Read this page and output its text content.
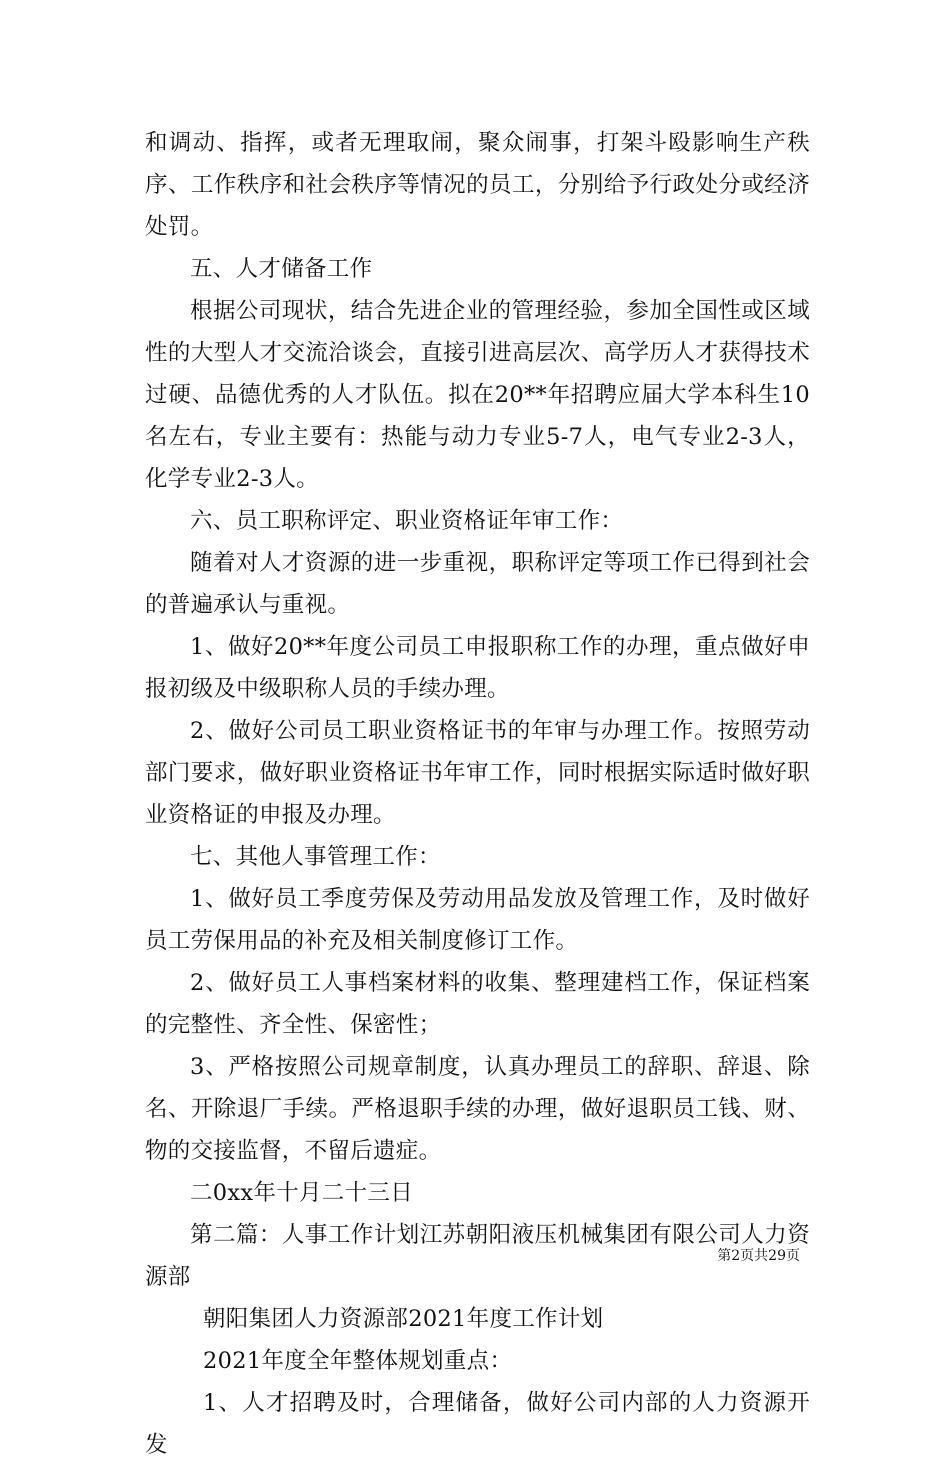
和调动、指挥，或者无理取闹，聚众闹事，打架斗殴影响生产秩序、工作秩序和社会秩序等情况的员工，分别给予行政处分或经济处罚。

五、人才储备工作

根据公司现状，结合先进企业的管理经验，参加全国性或区域性的大型人才交流洽谈会，直接引进高层次、高学历人才获得技术过硬、品德优秀的人才队伍。拟在20**年招聘应届大学本科生10名左右，专业主要有：热能与动力专业5-7人，电气专业2-3人，化学专业2-3人。

六、员工职称评定、职业资格证年审工作：

随着对人才资源的进一步重视，职称评定等项工作已得到社会的普遍承认与重视。

1、做好20**年度公司员工申报职称工作的办理，重点做好申报初级及中级职称人员的手续办理。

2、做好公司员工职业资格证书的年审与办理工作。按照劳动部门要求，做好职业资格证书年审工作，同时根据实际适时做好职业资格证的申报及办理。

七、其他人事管理工作：

1、做好员工季度劳保及劳动用品发放及管理工作，及时做好员工劳保用品的补充及相关制度修订工作。

2、做好员工人事档案材料的收集、整理建档工作，保证档案的完整性、齐全性、保密性；

3、严格按照公司规章制度，认真办理员工的辞职、辞退、除名、开除退厂手续。严格退职手续的办理，做好退职员工钱、财、物的交接监督，不留后遗症。

二0xx年十月二十三日

第二篇：人事工作计划江苏朝阳液压机械集团有限公司人力资源部

朝阳集团人力资源部2021年度工作计划

2021年度全年整体规划重点：

1、人才招聘及时，合理储备，做好公司内部的人力资源开发

第2页共29页
